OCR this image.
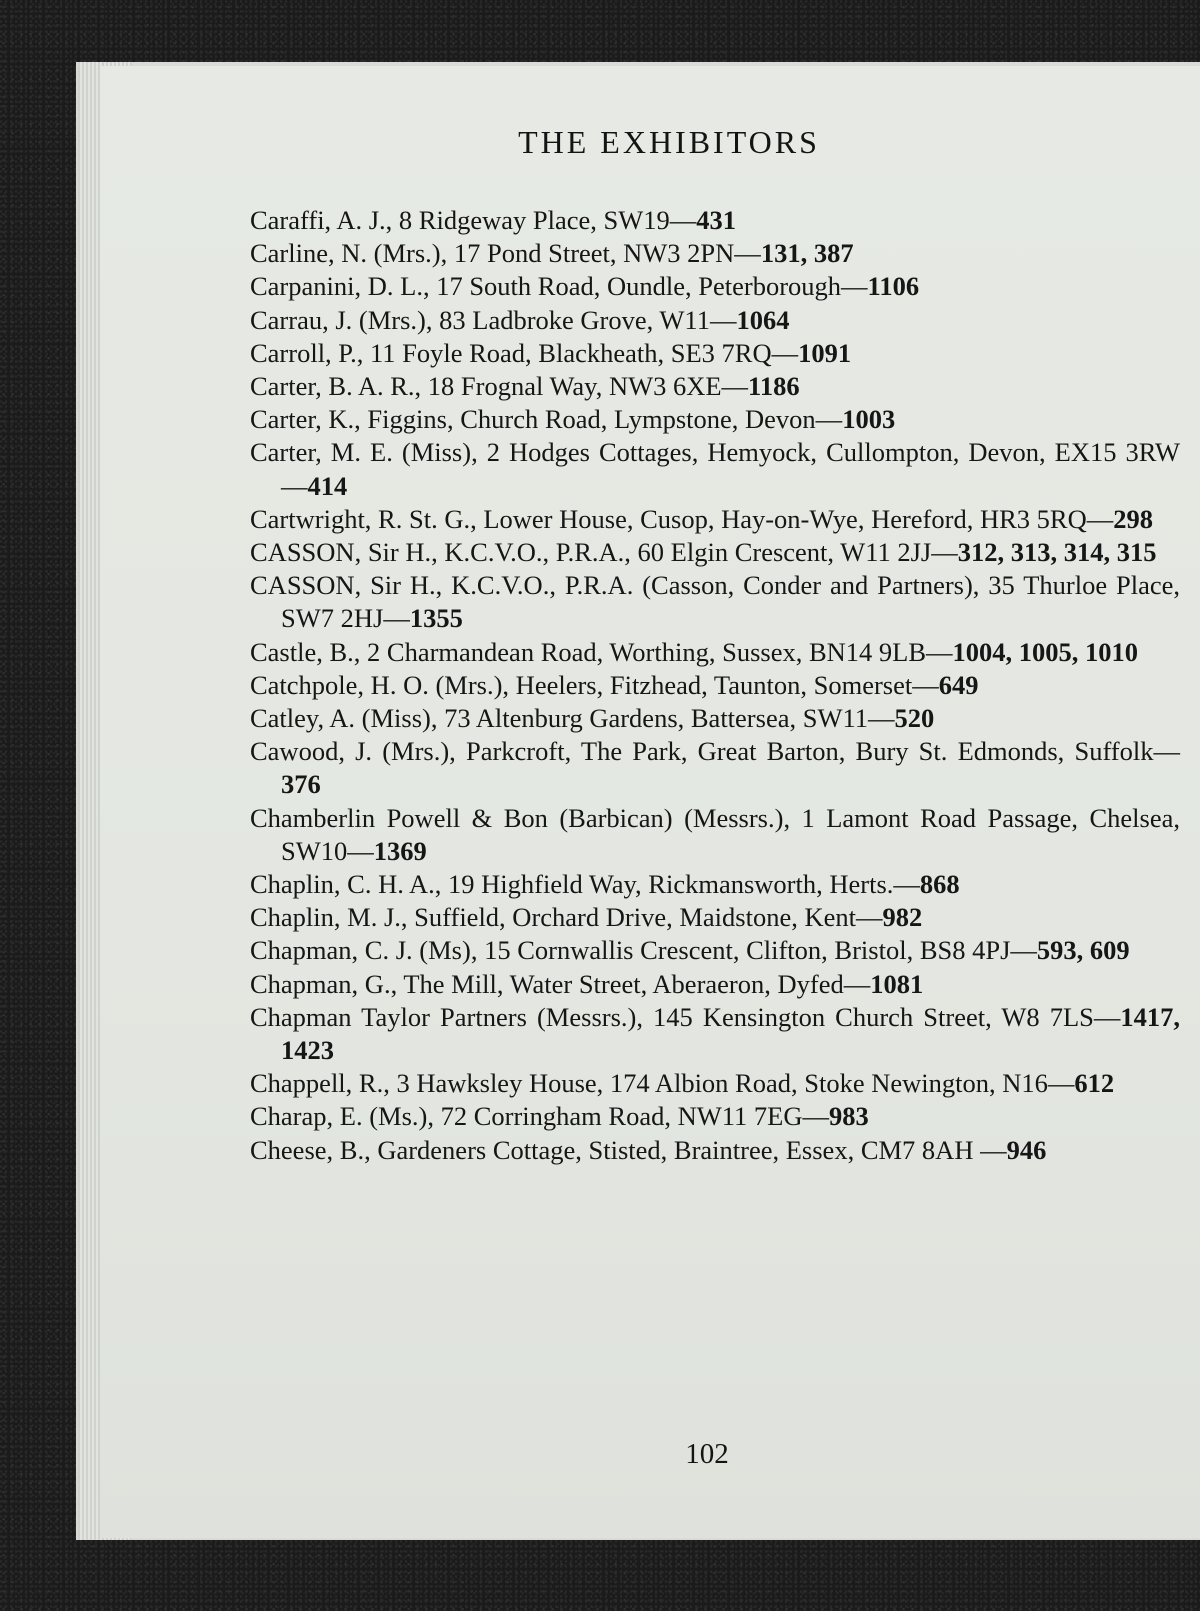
THE EXHIBITORS

Caraffi, A. J., 8 Ridgeway Place, SW19—431

Carline, N. (Mrs.), 17 Pond Street, NW3 2PN—131, 387

Carpanini, D. L., 17 South Road, Oundle, Peterborough—1106

Carrau, J. (Mrs.), 83 Ladbroke Grove, W11—1064

Carroll, P., 11 Foyle Road, Blackheath, SE3 7RQ—1091

Carter, B. A. R., 18 Frognal Way, NW3 6XE—1186

Carter, K., Figgins, Church Road, Lympstone, Devon—1003

Carter, M. E. (Miss), 2 Hodges Cottages, Hemyock, Cullompton, Devon, EX15 3RW—414

Cartwright, R. St. G., Lower House, Cusop, Hay-on-Wye, Hereford, HR3 5RQ—298

CASSON, Sir H., K.C.V.O., P.R.A., 60 Elgin Crescent, W11 2JJ—312, 313, 314, 315

CASSON, Sir H., K.C.V.O., P.R.A. (Casson, Conder and Partners), 35 Thurloe Place, SW7 2HJ—1355

Castle, B., 2 Charmandean Road, Worthing, Sussex, BN14 9LB—1004, 1005, 1010

Catchpole, H. O. (Mrs.), Heelers, Fitzhead, Taunton, Somerset—649

Catley, A. (Miss), 73 Altenburg Gardens, Battersea, SW11—520

Cawood, J. (Mrs.), Parkcroft, The Park, Great Barton, Bury St. Edmonds, Suffolk—376

Chamberlin Powell & Bon (Barbican) (Messrs.), 1 Lamont Road Passage, Chelsea, SW10—1369

Chaplin, C. H. A., 19 Highfield Way, Rickmansworth, Herts.—868

Chaplin, M. J., Suffield, Orchard Drive, Maidstone, Kent—982

Chapman, C. J. (Ms), 15 Cornwallis Crescent, Clifton, Bristol, BS8 4PJ—593, 609

Chapman, G., The Mill, Water Street, Aberaeron, Dyfed—1081

Chapman Taylor Partners (Messrs.), 145 Kensington Church Street, W8 7LS—1417, 1423

Chappell, R., 3 Hawksley House, 174 Albion Road, Stoke Newington, N16—612

Charap, E. (Ms.), 72 Corringham Road, NW11 7EG—983

Cheese, B., Gardeners Cottage, Stisted, Braintree, Essex, CM7 8AH —946

102
